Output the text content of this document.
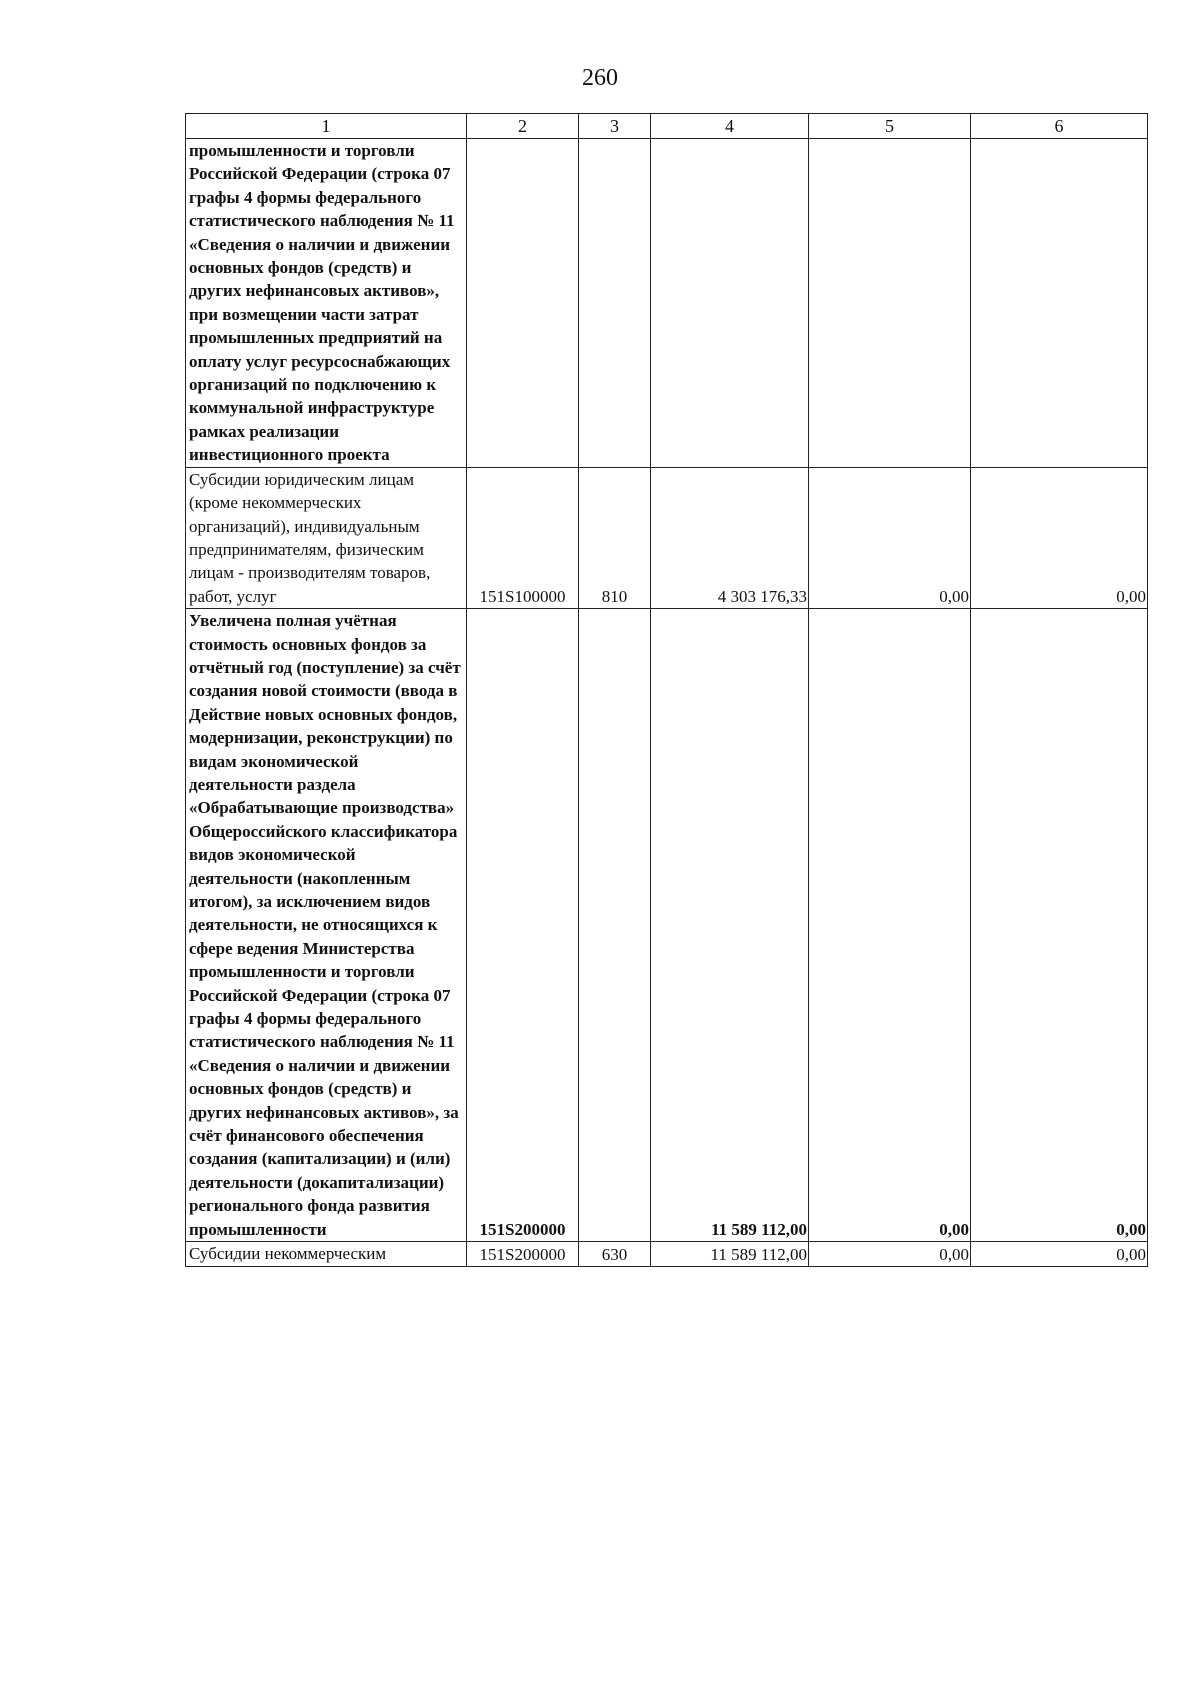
260
1	2	3	4	5	6
промышленности и торговли Российской Федерации (строка 07 графы 4 формы федерального статистического наблюдения № 11 «Сведения о наличии и движении основных фондов (средств) и других нефинансовых активов», при возмещении части затрат промышленных предприятий на оплату услуг ресурсоснабжающих организаций по подключению к коммунальной инфраструктуре рамках реализации инвестиционного проекта					
Субсидии юридическим лицам (кроме некоммерческих организаций), индивидуальным предпринимателям, физическим лицам - производителям товаров, работ, услуг	151S100000	810	4 303 176,33	0,00	0,00
Увеличена полная учётная стоимость основных фондов за отчётный год (поступление) за счёт создания новой стоимости (ввода в Действие новых основных фондов, модернизации, реконструкции) по видам экономической деятельности раздела «Обрабатывающие производства» Общероссийского классификатора видов экономической деятельности (накопленным итогом), за исключением видов деятельности, не относящихся к сфере ведения Министерства промышленности и торговли Российской Федерации (строка 07 графы 4 формы федерального статистического наблюдения № 11 «Сведения о наличии и движении основных фондов (средств) и других нефинансовых активов», за счёт финансового обеспечения создания (капитализации) и (или) деятельности (докапитализации) регионального фонда развития промышленности	151S200000		11 589 112,00	0,00	0,00
Субсидии некоммерческим	151S200000	630	11 589 112,00	0,00	0,00
